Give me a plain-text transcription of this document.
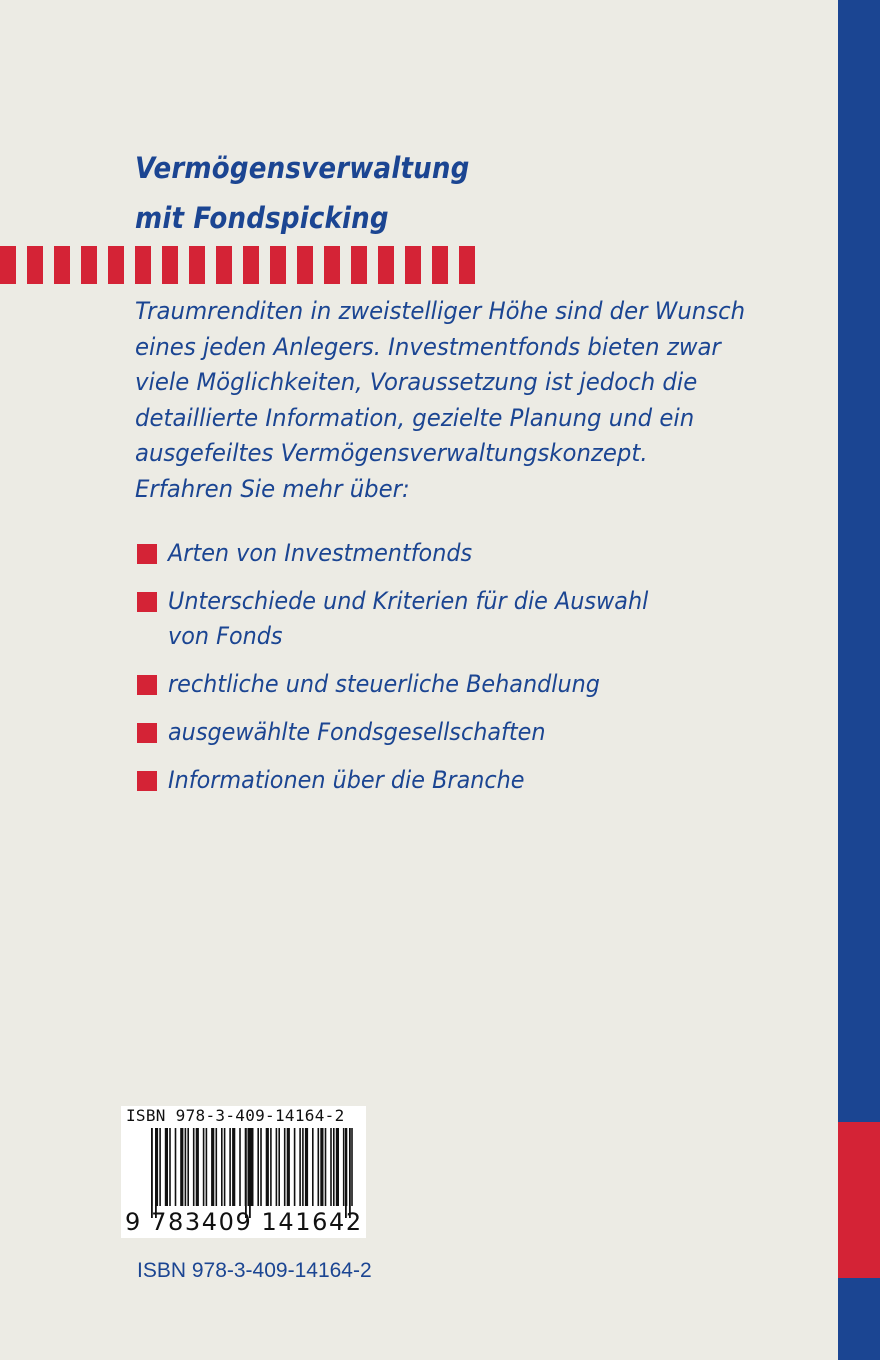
Vermögensverwaltung
mit Fondspicking

Traumrenditen in zweistelliger Höhe sind der Wunsch
eines jeden Anlegers. Investmentfonds bieten zwar
viele Möglichkeiten, Voraussetzung ist jedoch die
detaillierte Information, gezielte Planung und ein
ausgefeiltes Vermögensverwaltungskonzept.
Erfahren Sie mehr über:

Arten von Investmentfonds
Unterschiede und Kriterien für die Auswahl
von Fonds
rechtliche und steuerliche Behandlung
ausgewählte Fondsgesellschaften
Informationen über die Branche
ISBN 978-3-409-14164-2
9 783409 141642
ISBN 978-3-409-14164-2
